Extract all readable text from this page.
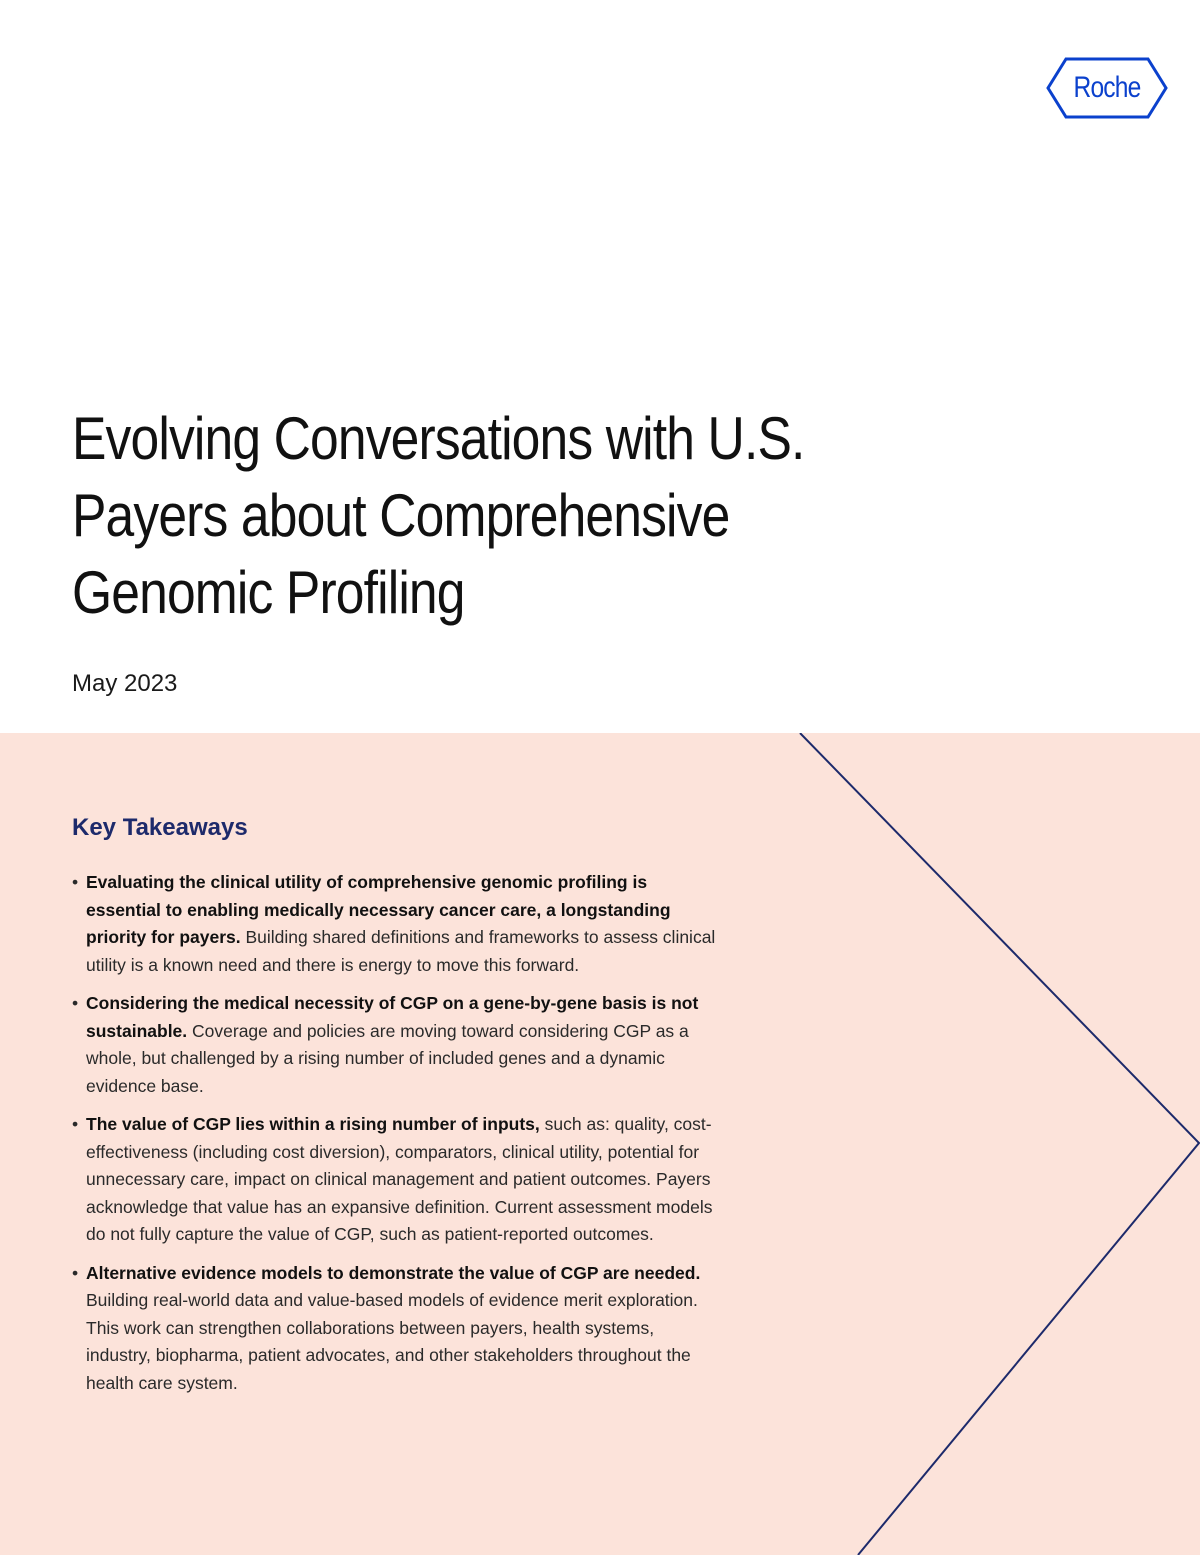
Roche
Evolving Conversations with U.S. Payers about Comprehensive Genomic Profiling
May 2023
Key Takeaways
• Evaluating the clinical utility of comprehensive genomic profiling is essential to enabling medically necessary cancer care, a longstanding priority for payers. Building shared definitions and frameworks to assess clinical utility is a known need and there is energy to move this forward.
• Considering the medical necessity of CGP on a gene-by-gene basis is not sustainable. Coverage and policies are moving toward considering CGP as a whole, but challenged by a rising number of included genes and a dynamic evidence base.
• The value of CGP lies within a rising number of inputs, such as: quality, cost-effectiveness (including cost diversion), comparators, clinical utility, potential for unnecessary care, impact on clinical management and patient outcomes. Payers acknowledge that value has an expansive definition. Current assessment models do not fully capture the value of CGP, such as patient-reported outcomes.
• Alternative evidence models to demonstrate the value of CGP are needed. Building real-world data and value-based models of evidence merit exploration. This work can strengthen collaborations between payers, health systems, industry, biopharma, patient advocates, and other stakeholders throughout the health care system.
